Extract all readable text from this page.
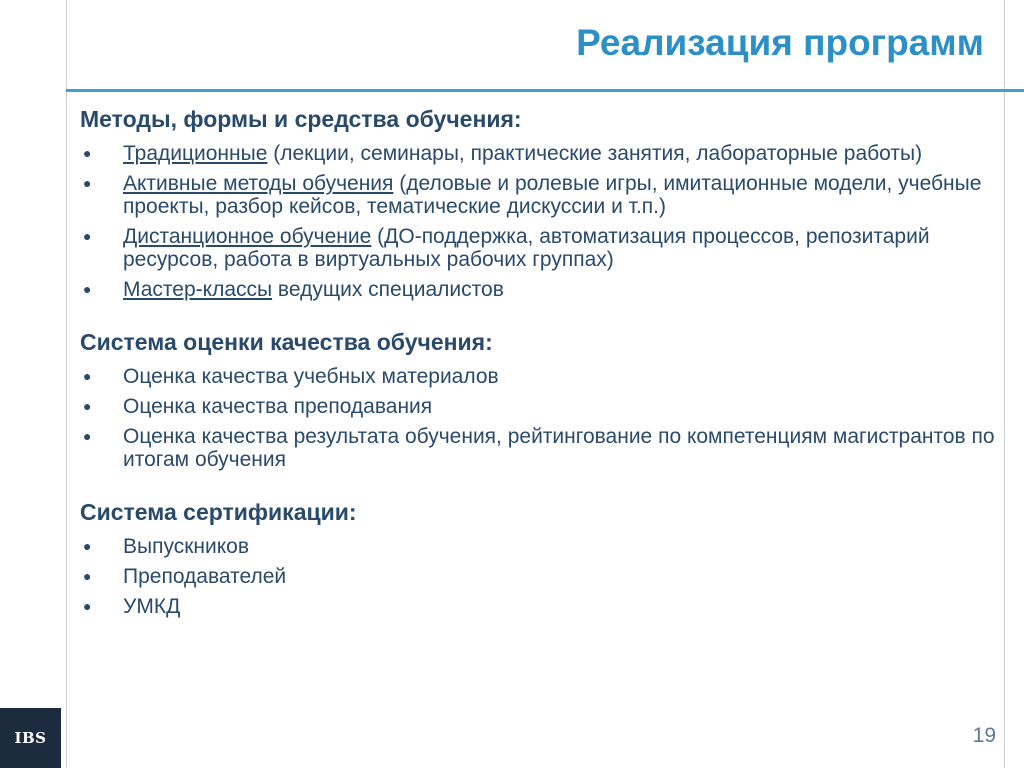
Реализация программ
Методы, формы и средства обучения:
● Традиционные (лекции, семинары, практические занятия, лабораторные работы)
● Активные методы обучения (деловые и ролевые игры, имитационные модели, учебные проекты, разбор кейсов, тематические дискуссии и т.п.)
● Дистанционное обучение (ДО-поддержка, автоматизация процессов, репозитарий ресурсов, работа в виртуальных рабочих группах)
● Мастер-классы ведущих специалистов
Система оценки качества обучения:
● Оценка качества учебных материалов
● Оценка качества преподавания
● Оценка качества результата обучения, рейтингование по компетенциям магистрантов по итогам обучения
Система сертификации:
● Выпускников
● Преподавателей
● УМКД
IBS	19
